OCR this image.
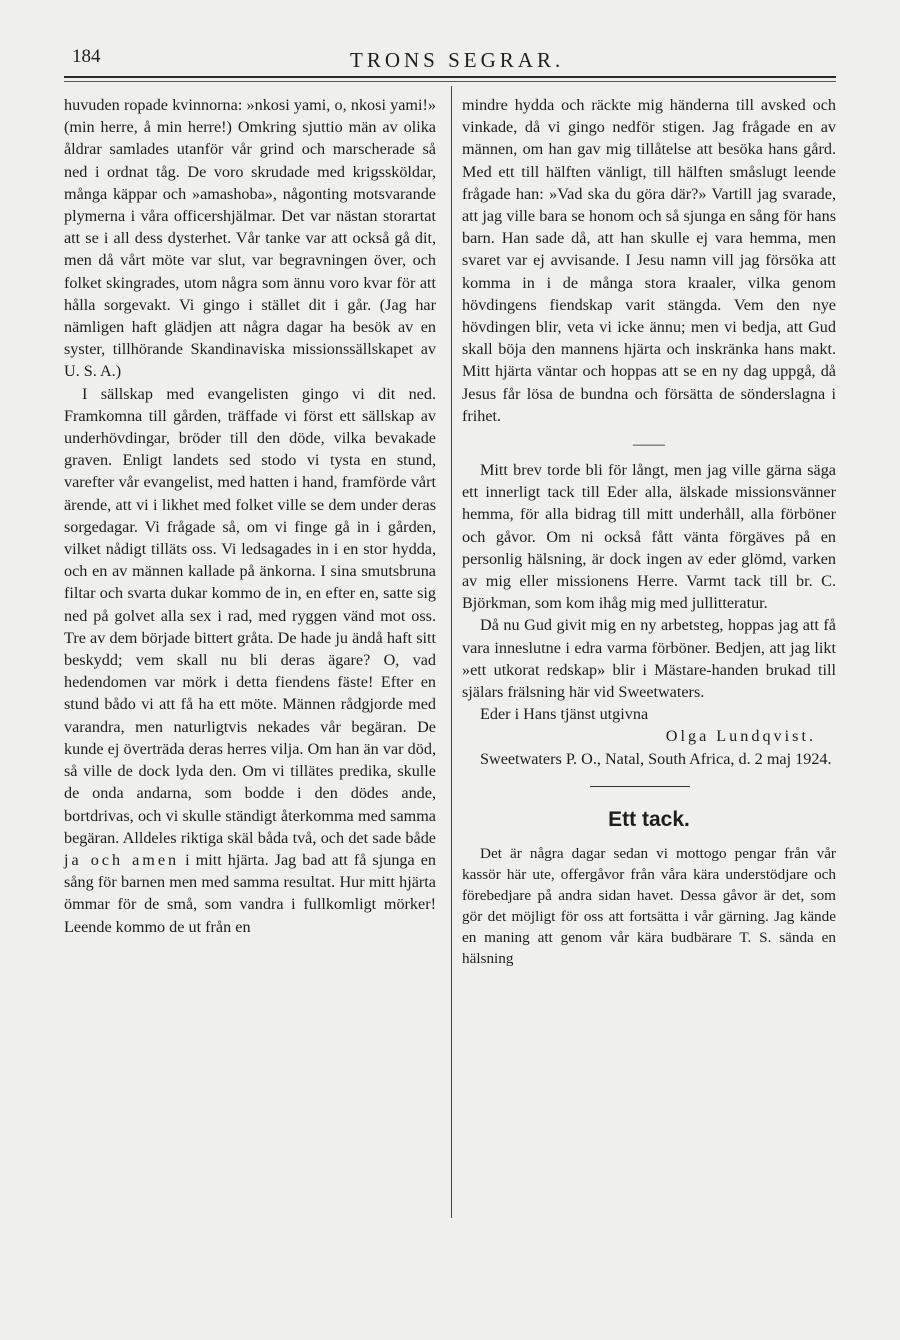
184	TRONS SEGRAR.

huvuden ropade kvinnorna: »nkosi yami, o, nkosi yami!» (min herre, å min herre!) Omkring sjuttio män av olika åldrar samlades utanför vår grind och marscherade så ned i ordnat tåg. De voro skrudade med krigssköldar, många käppar och »amashoba», någonting motsvarande plymerna i våra officershjälmar. Det var nästan storartat att se i all dess dysterhet. Vår tanke var att också gå dit, men då vårt möte var slut, var begravningen över, och folket skingrades, utom några som ännu voro kvar för att hålla sorgevakt. Vi gingo i stället dit i går. (Jag har nämligen haft glädjen att några dagar ha besök av en syster, tillhörande Skandinaviska missionssällskapet av U. S. A.)

I sällskap med evangelisten gingo vi dit ned. Framkomna till gården, träffade vi först ett sällskap av underhövdingar, bröder till den döde, vilka bevakade graven. Enligt landets sed stodo vi tysta en stund, varefter vår evangelist, med hatten i hand, framförde vårt ärende, att vi i likhet med folket ville se dem under deras sorgedagar. Vi frågade så, om vi finge gå in i gården, vilket nådigt tilläts oss. Vi ledsagades in i en stor hydda, och en av männen kallade på änkorna. I sina smutsbruna filtar och svarta dukar kommo de in, en efter en, satte sig ned på golvet alla sex i rad, med ryggen vänd mot oss. Tre av dem började bittert gråta. De hade ju ändå haft sitt beskydd; vem skall nu bli deras ägare? O, vad hedendomen var mörk i detta fiendens fäste! Efter en stund bådo vi att få ha ett möte. Männen rådgjorde med varandra, men naturligtvis nekades vår begäran. De kunde ej överträda deras herres vilja. Om han än var död, så ville de dock lyda den. Om vi tillätes predika, skulle de onda andarna, som bodde i den dödes ande, bortdrivas, och vi skulle ständigt återkomma med samma begäran. Alldeles riktiga skäl båda två, och det sade både ja och amen i mitt hjärta. Jag bad att få sjunga en sång för barnen men med samma resultat. Hur mitt hjärta ömmar för de små, som vandra i fullkomligt mörker! Leende kommo de ut från en

mindre hydda och räckte mig händerna till avsked och vinkade, då vi gingo nedför stigen. Jag frågade en av männen, om han gav mig tillåtelse att besöka hans gård. Med ett till hälften vänligt, till hälften småslugt leende frågade han: »Vad ska du göra där?» Vartill jag svarade, att jag ville bara se honom och så sjunga en sång för hans barn. Han sade då, att han skulle ej vara hemma, men svaret var ej avvisande. I Jesu namn vill jag försöka att komma in i de många stora kraaler, vilka genom hövdingens fiendskap varit stängda. Vem den nye hövdingen blir, veta vi icke ännu; men vi bedja, att Gud skall böja den mannens hjärta och inskränka hans makt. Mitt hjärta väntar och hoppas att se en ny dag uppgå, då Jesus får lösa de bundna och försätta de sönderslagna i frihet.

——

Mitt brev torde bli för långt, men jag ville gärna säga ett innerligt tack till Eder alla, älskade missionsvänner hemma, för alla bidrag till mitt underhåll, alla förböner och gåvor. Om ni också fått vänta förgäves på en personlig hälsning, är dock ingen av eder glömd, varken av mig eller missionens Herre. Varmt tack till br. C. Björkman, som kom ihåg mig med jullitteratur.

Då nu Gud givit mig en ny arbetsteg, hoppas jag att få vara inneslutne i edra varma förböner. Bedjen, att jag likt »ett utkorat redskap» blir i Mästare-handen brukad till själars frälsning här vid Sweetwaters.

Eder i Hans tjänst utgivna

Olga Lundqvist.

Sweetwaters P. O., Natal, South Africa, d. 2 maj 1924.

Ett tack.

Det är några dagar sedan vi mottogo pengar från vår kassör här ute, offergåvor från våra kära understödjare och förebedjare på andra sidan havet. Dessa gåvor är det, som gör det möjligt för oss att fortsätta i vår gärning. Jag kände en maning att genom vår kära budbärare T. S. sända en hälsning
